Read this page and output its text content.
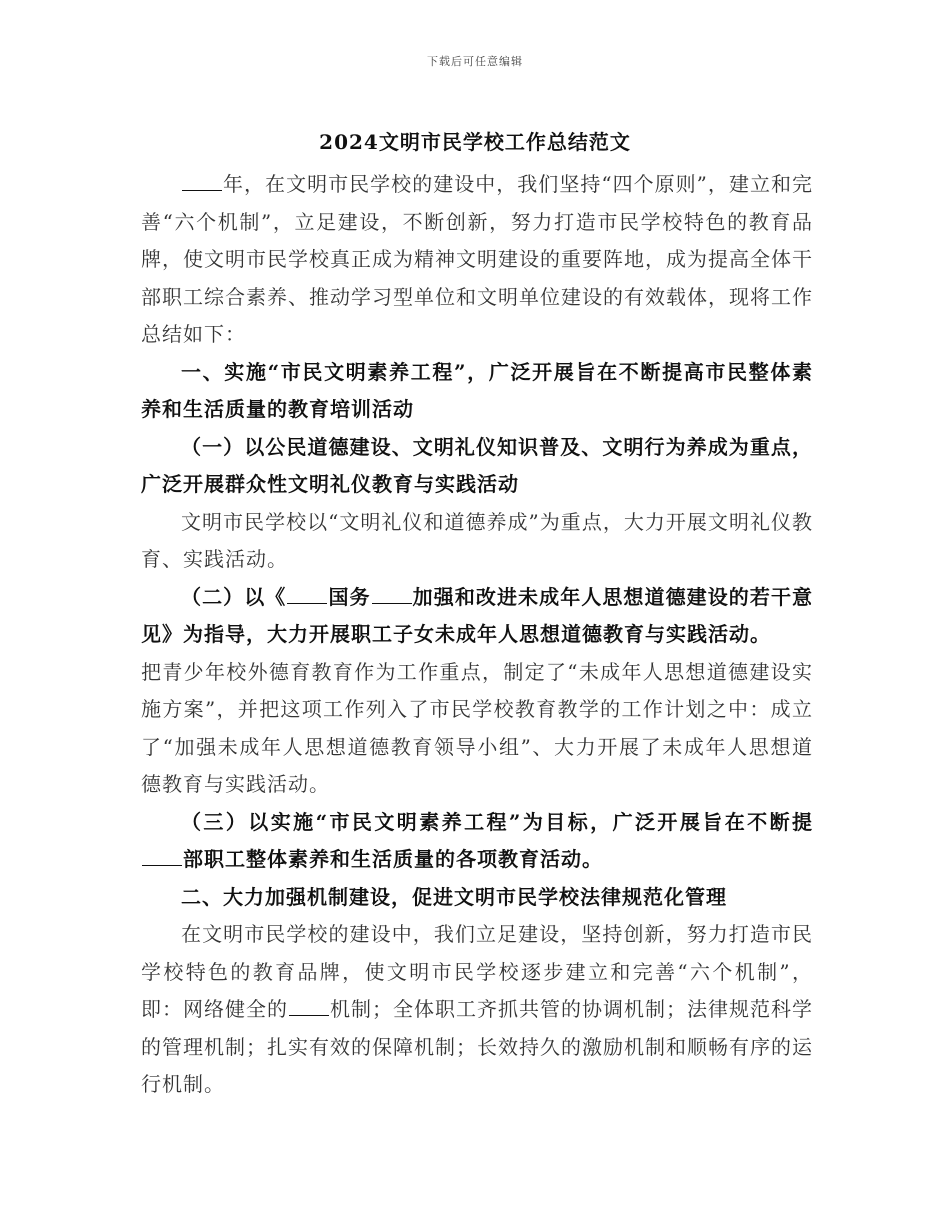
下载后可任意编辑
2024文明市民学校工作总结范文

年，在文明市民学校的建设中，我们坚持“四个原则”，建立和完善“六个机制”，立足建设，不断创新，努力打造市民学校特色的教育品牌，使文明市民学校真正成为精神文明建设的重要阵地，成为提高全体干部职工综合素养、推动学习型单位和文明单位建设的有效载体，现将工作总结如下：

一、实施“市民文明素养工程”，广泛开展旨在不断提高市民整体素养和生活质量的教育培训活动

（一）以公民道德建设、文明礼仪知识普及、文明行为养成为重点，广泛开展群众性文明礼仪教育与实践活动

文明市民学校以“文明礼仪和道德养成”为重点，大力开展文明礼仪教育、实践活动。

（二）以《 国务 加强和改进未成年人思想道德建设的若干意见》为指导，大力开展职工子女未成年人思想道德教育与实践活动。

把青少年校外德育教育作为工作重点，制定了“未成年人思想道德建设实施方案”，并把这项工作列入了市民学校教育教学的工作计划之中：成立了“加强未成年人思想道德教育领导小组”、大力开展了未成年人思想道德教育与实践活动。

（三）以实施“市民文明素养工程”为目标，广泛开展旨在不断提部职工整体素养和生活质量的各项教育活动。

二、大力加强机制建设，促进文明市民学校法律规范化管理

在文明市民学校的建设中，我们立足建设，坚持创新，努力打造市民学校特色的教育品牌，使文明市民学校逐步建立和完善“六个机制”，即：网络健全的 机制；全体职工齐抓共管的协调机制；法律规范科学的管理机制；扎实有效的保障机制；长效持久的激励机制和顺畅有序的运行机制。
